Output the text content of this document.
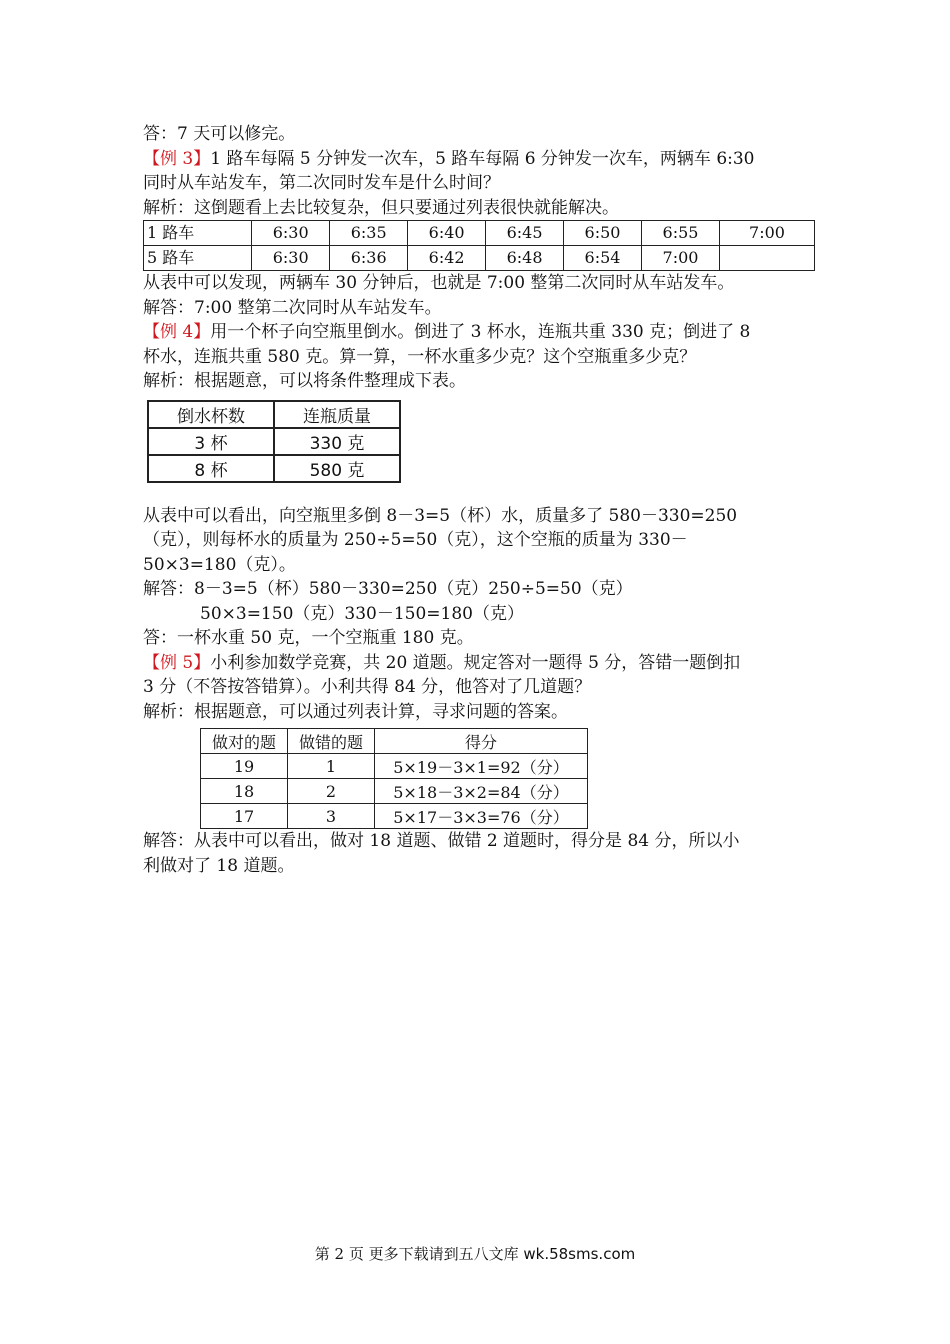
答：7 天可以修完。
【例 3】1 路车每隔 5 分钟发一次车，5 路车每隔 6 分钟发一次车，两辆车 6:30
同时从车站发车，第二次同时发车是什么时间？
解析：这倒题看上去比较复杂，但只要通过列表很快就能解决。
1 路车	6:30	6:35	6:40	6:45	6:50	6:55	7:00
5 路车	6:30	6:36	6:42	6:48	6:54	7:00	
从表中可以发现，两辆车 30 分钟后，也就是 7:00 整第二次同时从车站发车。
解答：7:00 整第二次同时从车站发车。
【例 4】用一个杯子向空瓶里倒水。倒进了 3 杯水，连瓶共重 330 克；倒进了 8
杯水，连瓶共重 580 克。算一算，一杯水重多少克？这个空瓶重多少克？
解析：根据题意，可以将条件整理成下表。
倒水杯数	连瓶质量
3 杯	330 克
8 杯	580 克
从表中可以看出，向空瓶里多倒 8－3=5（杯）水，质量多了 580－330=250
（克），则每杯水的质量为 250÷5=50（克），这个空瓶的质量为 330－
50×3=180（克）。
解答：8－3=5（杯）580－330=250（克）250÷5=50（克）
50×3=150（克）330－150=180（克）
答：一杯水重 50 克，一个空瓶重 180 克。
【例 5】小利参加数学竞赛，共 20 道题。规定答对一题得 5 分，答错一题倒扣
3 分（不答按答错算）。小利共得 84 分，他答对了几道题？
解析：根据题意，可以通过列表计算，寻求问题的答案。
做对的题	做错的题	得分
19	1	5×19－3×1=92（分）
18	2	5×18－3×2=84（分）
17	3	5×17－3×3=76（分）
解答：从表中可以看出，做对 18 道题、做错 2 道题时，得分是 84 分，所以小
利做对了 18 道题。
第 2 页 更多下载请到五八文库 wk.58sms.com
